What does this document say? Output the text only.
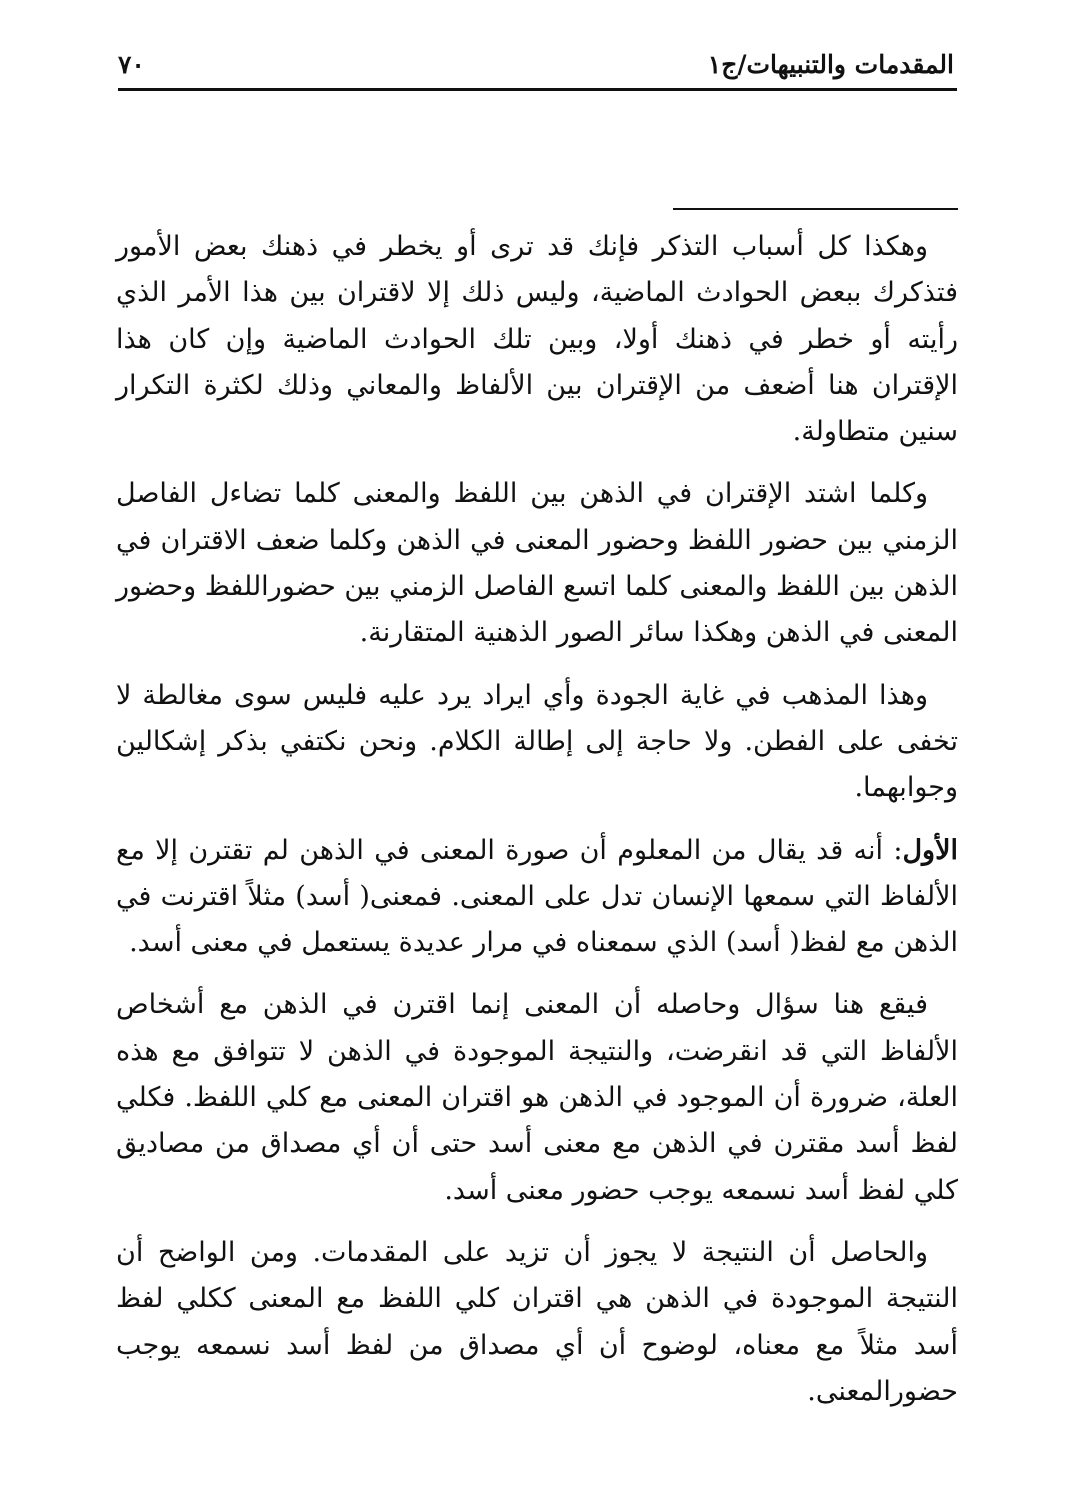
المقدمات والتنبيهات/ج١
٧٠

وهكذا كل أسباب التذكر فإنك قد ترى أو يخطر في ذهنك بعض الأمور فتذكرك ببعض الحوادث الماضية، وليس ذلك إلا لاقتران بين هذا الأمر الذي رأيته أو خطر في ذهنك أولا، وبين تلك الحوادث الماضية وإن كان هذا الإقتران هنا أضعف من الإقتران بين الألفاظ والمعاني وذلك لكثرة التكرار سنين متطاولة.

وكلما اشتد الإقتران في الذهن بين اللفظ والمعنى كلما تضاءل الفاصل الزمني بين حضور اللفظ وحضور المعنى في الذهن وكلما ضعف الاقتران في الذهن بين اللفظ والمعنى كلما اتسع الفاصل الزمني بين حضوراللفظ وحضور المعنى في الذهن وهكذا سائر الصور الذهنية المتقارنة.

وهذا المذهب في غاية الجودة وأي ايراد يرد عليه فليس سوى مغالطة لا تخفى على الفطن. ولا حاجة إلى إطالة الكلام. ونحن نكتفي بذكر إشكالين وجوابهما.

الأول: أنه قد يقال من المعلوم أن صورة المعنى في الذهن لم تقترن إلا مع الألفاظ التي سمعها الإنسان تدل على المعنى. فمعنى( أسد) مثلاً اقترنت في الذهن مع لفظ( أسد) الذي سمعناه في مرار عديدة يستعمل في معنى أسد.

فيقع هنا سؤال وحاصله أن المعنى إنما اقترن في الذهن مع أشخاص الألفاظ التي قد انقرضت، والنتيجة الموجودة في الذهن لا تتوافق مع هذه العلة، ضرورة أن الموجود في الذهن هو اقتران المعنى مع كلي اللفظ. فكلي لفظ أسد مقترن في الذهن مع معنى أسد حتى أن أي مصداق من مصاديق كلي لفظ أسد نسمعه يوجب حضور معنى أسد.

والحاصل أن النتيجة لا يجوز أن تزيد على المقدمات. ومن الواضح أن النتيجة الموجودة في الذهن هي اقتران كلي اللفظ مع المعنى ككلي لفظ أسد مثلاً مع معناه، لوضوح أن أي مصداق من لفظ أسد نسمعه يوجب حضورالمعنى.
